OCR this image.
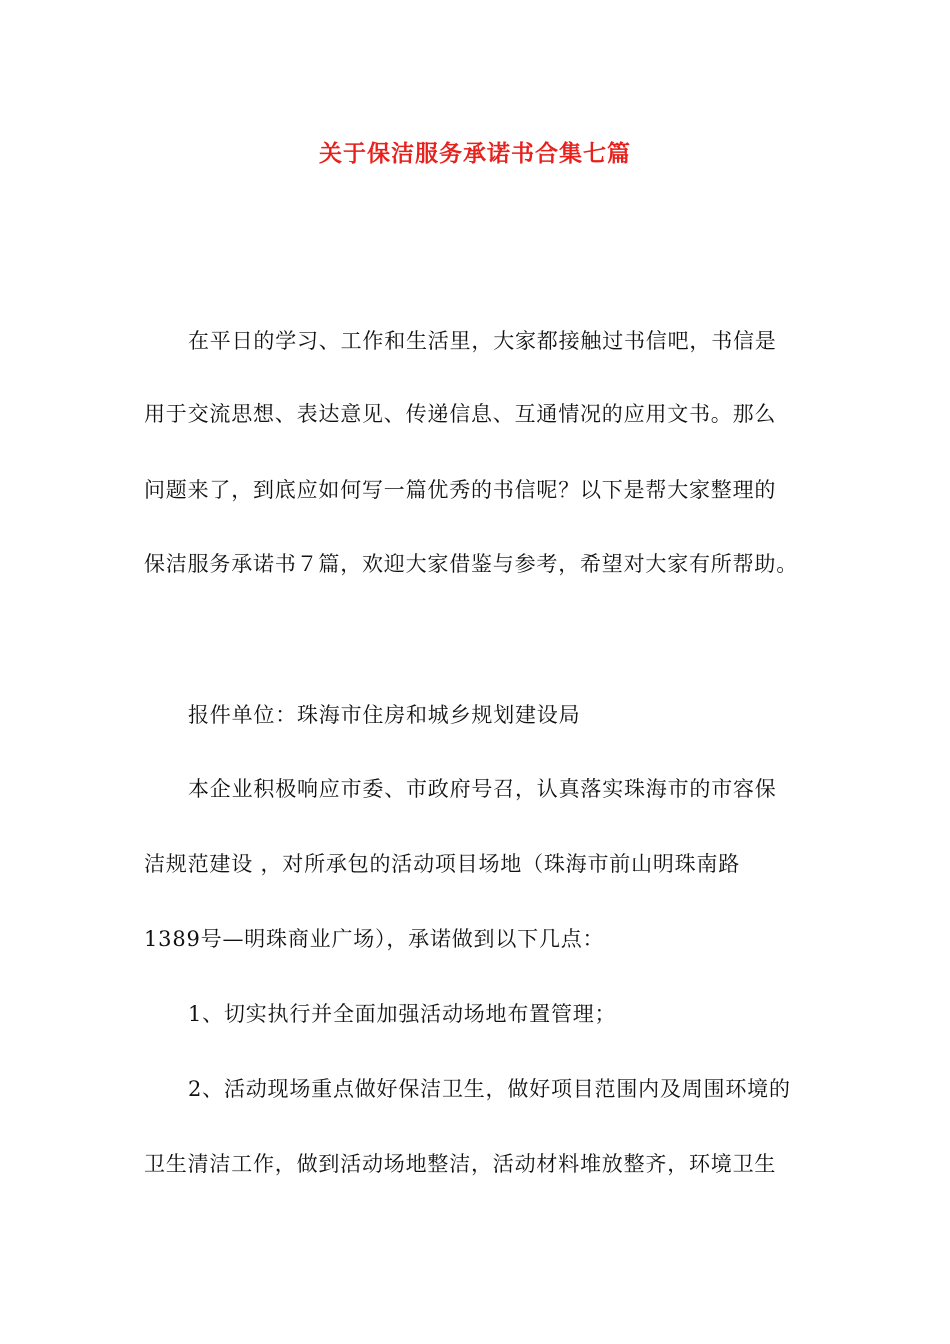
关于保洁服务承诺书合集七篇

在平日的学习、工作和生活里，大家都接触过书信吧，书信是

用于交流思想、表达意见、传递信息、互通情况的应用文书。那么

问题来了，到底应如何写一篇优秀的书信呢？以下是帮大家整理的

保洁服务承诺书７篇，欢迎大家借鉴与参考，希望对大家有所帮助。

报件单位：珠海市住房和城乡规划建设局

本企业积极响应市委、市政府号召，认真落实珠海市的市容保

洁规范建设 ，对所承包的活动项目场地（珠海市前山明珠南路

1389号—明珠商业广场），承诺做到以下几点：

1、切实执行并全面加强活动场地布置管理；

2、活动现场重点做好保洁卫生，做好项目范围内及周围环境的

卫生清洁工作，做到活动场地整洁，活动材料堆放整齐，环境卫生
